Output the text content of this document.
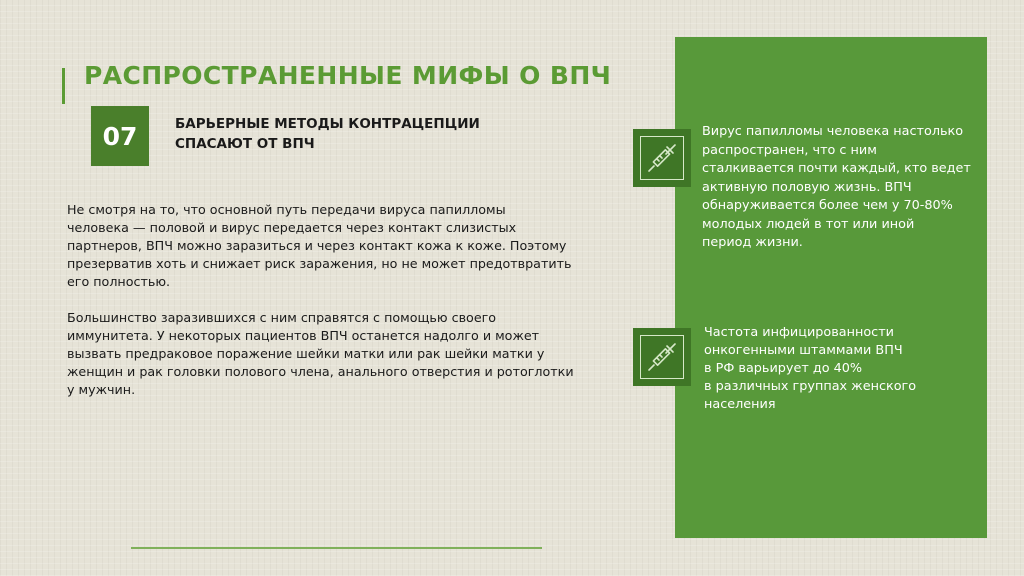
РАСПРОСТРАНЕННЫЕ МИФЫ О ВПЧ
07	БАРЬЕРНЫЕ МЕТОДЫ КОНТРАЦЕПЦИИ
СПАСАЮТ ОТ ВПЧ

Не смотря на то, что основной путь передачи вируса папилломы
человека — половой и вирус передается через контакт слизистых
партнеров, ВПЧ можно заразиться и через контакт кожа к коже. Поэтому
презерватив хоть и снижает риск заражения, но не может предотвратить
его полностью.

Большинство заразившихся с ним справятся с помощью своего
иммунитета. У некоторых пациентов ВПЧ останется надолго и может
вызвать предраковое поражение шейки матки или рак шейки матки у
женщин и рак головки полового члена, анального отверстия и ротоглотки
у мужчин.

Вирус папилломы человека настолько
распространен, что с ним
сталкивается почти каждый, кто ведет
активную половую жизнь. ВПЧ
обнаруживается более чем у 70-80%
молодых людей в тот или иной
период жизни.

Частота инфицированности
онкогенными штаммами ВПЧ
в РФ варьирует до 40%
в различных группах женского
населения
